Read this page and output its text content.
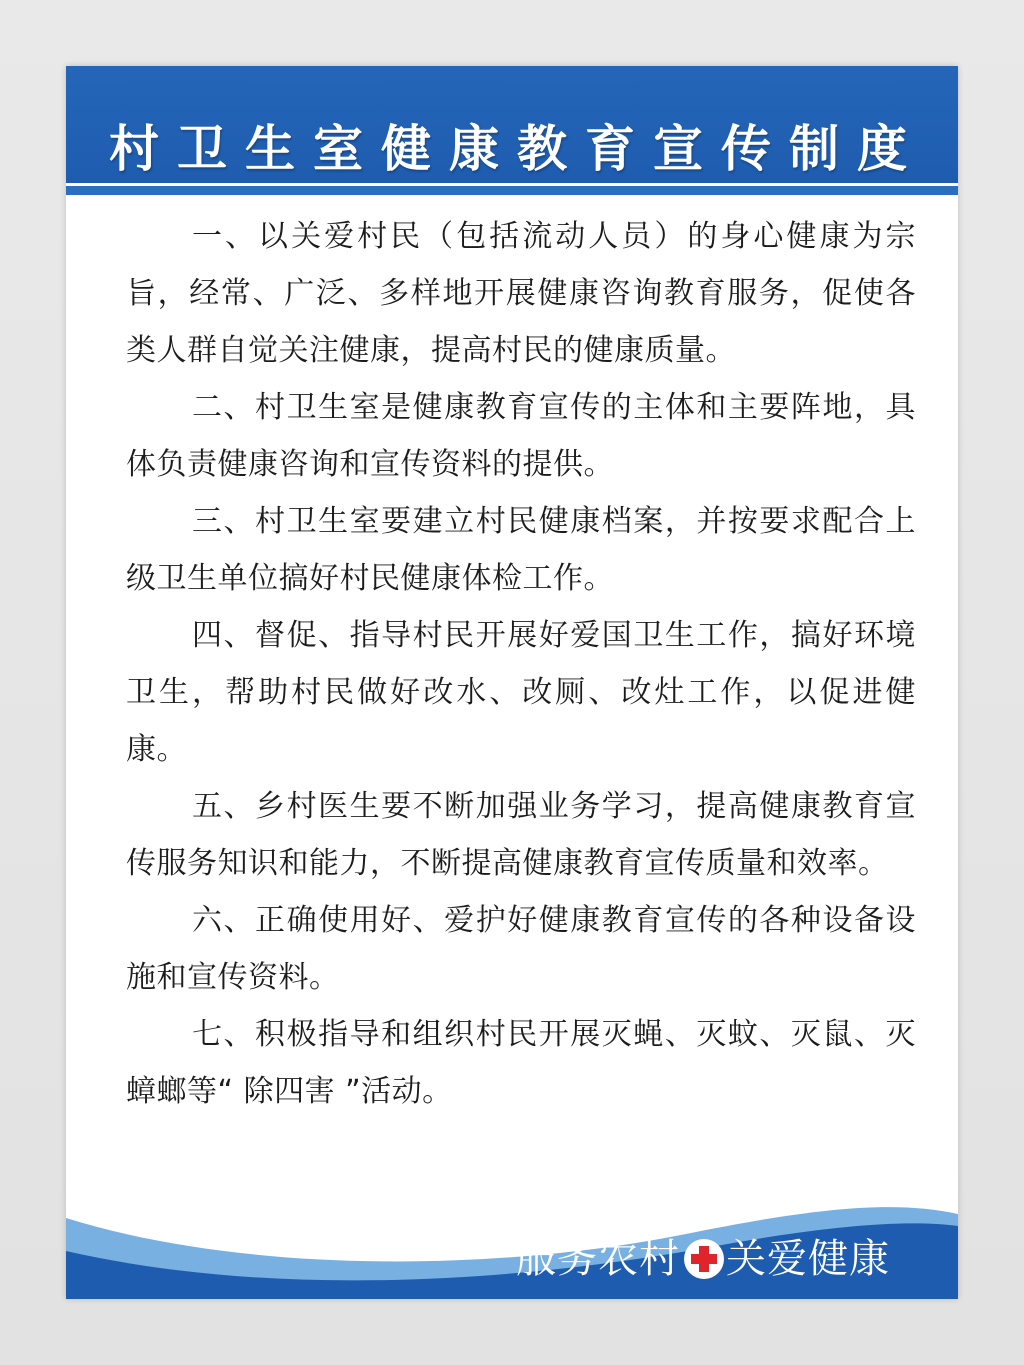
村卫生室健康教育宣传制度

一、以关爱村民（包括流动人员）的身心健康为宗旨，经常、广泛、多样地开展健康咨询教育服务，促使各类人群自觉关注健康，提高村民的健康质量。

二、村卫生室是健康教育宣传的主体和主要阵地，具体负责健康咨询和宣传资料的提供。

三、村卫生室要建立村民健康档案，并按要求配合上级卫生单位搞好村民健康体检工作。

四、督促、指导村民开展好爱国卫生工作，搞好环境卫生，帮助村民做好改水、改厕、改灶工作，以促进健康。

五、乡村医生要不断加强业务学习，提高健康教育宣传服务知识和能力，不断提高健康教育宣传质量和效率。

六、正确使用好、爱护好健康教育宣传的各种设备设施和宣传资料。

七、积极指导和组织村民开展灭蝇、灭蚊、灭鼠、灭蟑螂等“ 除四害 ”活动。

服务农村 关爱健康
